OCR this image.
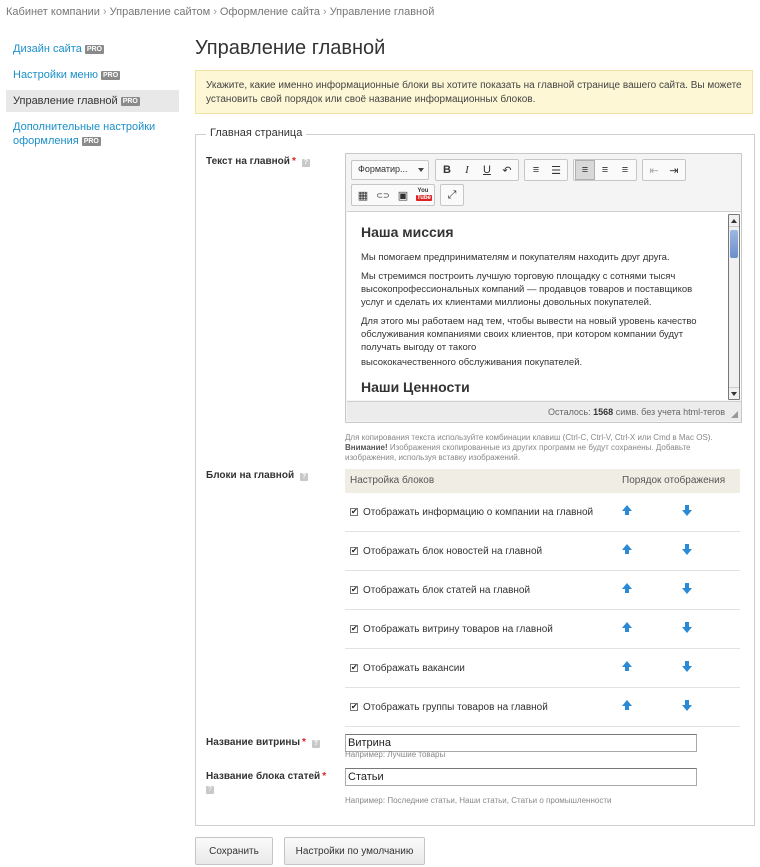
Кабинет компании › Управление сайтом › Оформление сайта › Управление главной
Дизайн сайта PRO
Настройки меню PRO
Управление главной PRO
Дополнительные настройки
оформления PRO
Управление главной
Укажите, какие именно информационные блоки вы хотите показать на главной странице вашего сайта. Вы можете установить свой порядок или своё название информационных блоков.
Главная страница
Текст на главной * ?
Форматир...	B	I	U	↶	≡	☰	≡	≡	≡	⇤ ⇥
▦	⊂⊃ ▣	You
Tube	⤢
Наша миссия

Мы помогаем предпринимателям и покупателям находить друг друга.

Мы стремимся построить лучшую торговую площадку с сотнями тысяч высокопрофессиональных компаний — продавцов товаров и поставщиков услуг и сделать их клиентами миллионы довольных покупателей.

Для этого мы работаем над тем, чтобы вывести на новый уровень качество обслуживания компаниями своих клиентов, при котором компании будут получать выгоду от такого

высококачественного обслуживания покупателей.

Наши Ценности
Осталось: 1568 симв. без учета html-тегов
Для копирования текста используйте комбинации клавиш (Ctrl-C, Ctrl-V, Ctrl-X или Cmd в Mac OS).
Внимание! Изображения скопированные из других программ не будут сохранены. Добавьте
изображения, используя вставку изображений.
Блоки на главной ?	Настройка блоков	Порядок отображения
✔ Отображать информацию о компании на главной
✔ Отображать блок новостей на главной
✔ Отображать блок статей на главной
✔ Отображать витрину товаров на главной
✔ Отображать вакансии
✔ Отображать группы товаров на главной
Название витрины * ?
Витрина
Например: Лучшие товары
Название блока статей *
?
Статьи
Например: Последние статьи, Наши статьи, Статьи о промышленности
Сохранить	Настройки по умолчанию
